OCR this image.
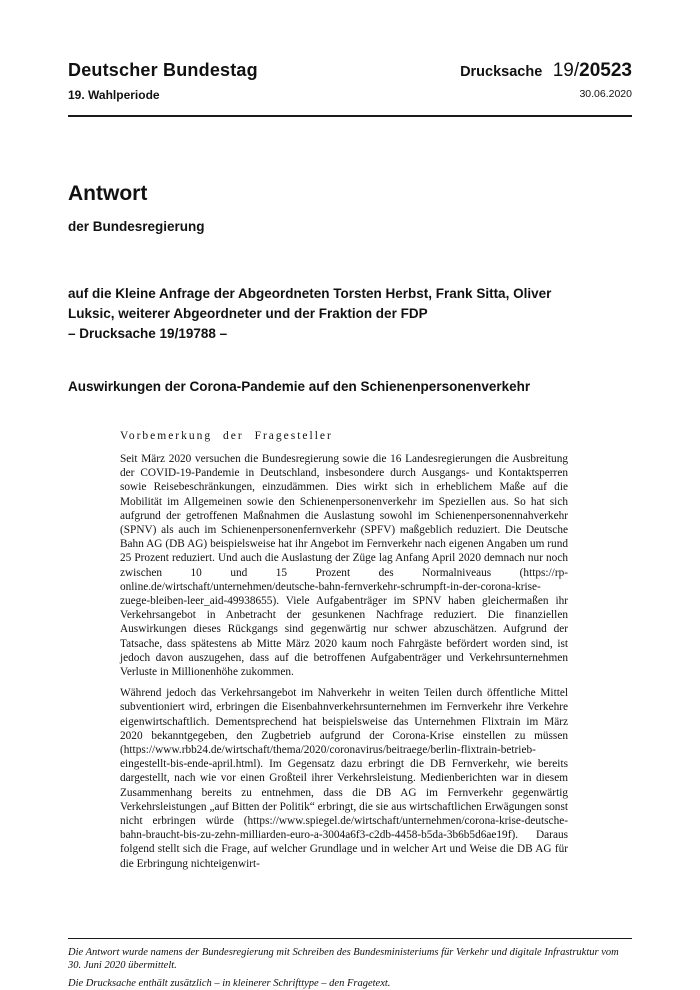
Deutscher Bundestag
19. Wahlperiode
Drucksache 19/20523
30.06.2020
Antwort
der Bundesregierung
auf die Kleine Anfrage der Abgeordneten Torsten Herbst, Frank Sitta, Oliver Luksic, weiterer Abgeordneter und der Fraktion der FDP
– Drucksache 19/19788 –
Auswirkungen der Corona-Pandemie auf den Schienenpersonenverkehr

Vorbemerkung der Fragesteller

Seit März 2020 versuchen die Bundesregierung sowie die 16 Landesregierungen die Ausbreitung der COVID-19-Pandemie in Deutschland, insbesondere durch Ausgangs- und Kontaktsperren sowie Reisebeschränkungen, einzudämmen. Dies wirkt sich in erheblichem Maße auf die Mobilität im Allgemeinen sowie den Schienenpersonenverkehr im Speziellen aus. So hat sich aufgrund der getroffenen Maßnahmen die Auslastung sowohl im Schienenpersonennahverkehr (SPNV) als auch im Schienenpersonenfernverkehr (SPFV) maßgeblich reduziert. Die Deutsche Bahn AG (DB AG) beispielsweise hat ihr Angebot im Fernverkehr nach eigenen Angaben um rund 25 Prozent reduziert. Und auch die Auslastung der Züge lag Anfang April 2020 demnach nur noch zwischen 10 und 15 Prozent des Normalniveaus (https://rp-online.de/wirtschaft/unternehmen/deutsche-bahn-fernverkehr-schrumpft-in-der-corona-krise-zuege-bleiben-leer_aid-49938655). Viele Aufgabenträger im SPNV haben gleichermaßen ihr Verkehrsangebot in Anbetracht der gesunkenen Nachfrage reduziert. Die finanziellen Auswirkungen dieses Rückgangs sind gegenwärtig nur schwer abzuschätzen. Aufgrund der Tatsache, dass spätestens ab Mitte März 2020 kaum noch Fahrgäste befördert worden sind, ist jedoch davon auszugehen, dass auf die betroffenen Aufgabenträger und Verkehrsunternehmen Verluste in Millionenhöhe zukommen.

Während jedoch das Verkehrsangebot im Nahverkehr in weiten Teilen durch öffentliche Mittel subventioniert wird, erbringen die Eisenbahnverkehrsunternehmen im Fernverkehr ihre Verkehre eigenwirtschaftlich. Dementsprechend hat beispielsweise das Unternehmen Flixtrain im März 2020 bekanntgegeben, den Zugbetrieb aufgrund der Corona-Krise einstellen zu müssen (https://www.rbb24.de/wirtschaft/thema/2020/coronavirus/beitraege/berlin-flixtrain-betrieb-eingestellt-bis-ende-april.html). Im Gegensatz dazu erbringt die DB Fernverkehr, wie bereits dargestellt, nach wie vor einen Großteil ihrer Verkehrsleistung. Medienberichten war in diesem Zusammenhang bereits zu entnehmen, dass die DB AG im Fernverkehr gegenwärtig Verkehrsleistungen „auf Bitten der Politik“ erbringt, die sie aus wirtschaftlichen Erwägungen sonst nicht erbringen würde (https://www.spiegel.de/wirtschaft/unternehmen/corona-krise-deutsche-bahn-braucht-bis-zu-zehn-milliarden-euro-a-3004a6f3-c2db-4458-b5da-3b6b5d6ae19f). Daraus folgend stellt sich die Frage, auf welcher Grundlage und in welcher Art und Weise die DB AG für die Erbringung nichteigenwirt-

Die Antwort wurde namens der Bundesregierung mit Schreiben des Bundesministeriums für Verkehr und digitale Infrastruktur vom 30. Juni 2020 übermittelt.

Die Drucksache enthält zusätzlich – in kleinerer Schrifttype – den Fragetext.
